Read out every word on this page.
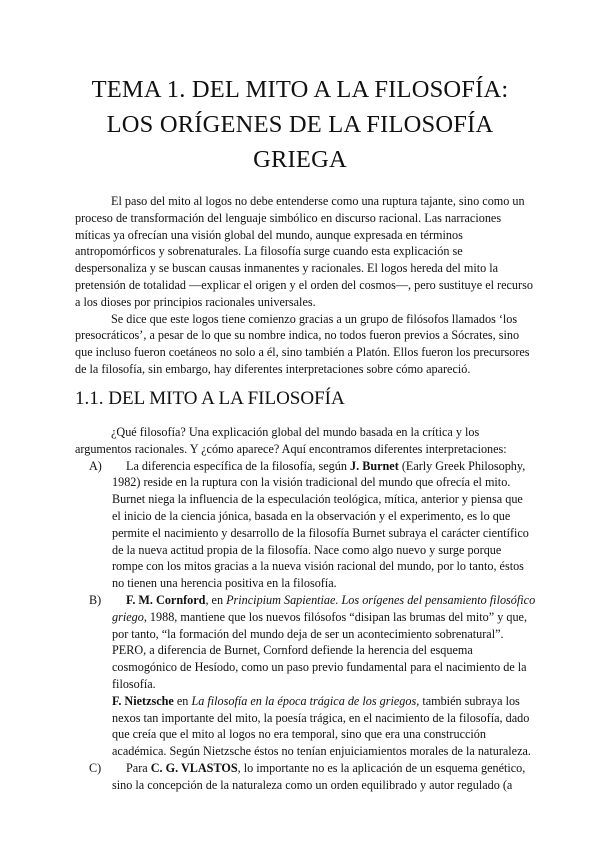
TEMA 1. DEL MITO A LA FILOSOFÍA:
LOS ORÍGENES DE LA FILOSOFÍA
GRIEGA
El paso del mito al logos no debe entenderse como una ruptura tajante, sino como un
proceso de transformación del lenguaje simbólico en discurso racional. Las narraciones
míticas ya ofrecían una visión global del mundo, aunque expresada en términos
antropomórficos y sobrenaturales. La filosofía surge cuando esta explicación se
despersonaliza y se buscan causas inmanentes y racionales. El logos hereda del mito la
pretensión de totalidad —explicar el origen y el orden del cosmos—, pero sustituye el recurso
a los dioses por principios racionales universales.
Se dice que este logos tiene comienzo gracias a un grupo de filósofos llamados ‘los
presocráticos’, a pesar de lo que su nombre indica, no todos fueron previos a Sócrates, sino
que incluso fueron coetáneos no solo a él, sino también a Platón. Ellos fueron los precursores
de la filosofía, sin embargo, hay diferentes interpretaciones sobre cómo apareció.
1.1. DEL MITO A LA FILOSOFÍA
¿Qué filosofía? Una explicación global del mundo basada en la crítica y los
argumentos racionales. Y ¿cómo aparece? Aquí encontramos diferentes interpretaciones:
A) La diferencia específica de la filosofía, según J. Burnet (Early Greek Philosophy,
1982) reside en la ruptura con la visión tradicional del mundo que ofrecía el mito.
Burnet niega la influencia de la especulación teológica, mítica, anterior y piensa que
el inicio de la ciencia jónica, basada en la observación y el experimento, es lo que
permite el nacimiento y desarrollo de la filosofía Burnet subraya el carácter científico
de la nueva actitud propia de la filosofía. Nace como algo nuevo y surge porque
rompe con los mitos gracias a la nueva visión racional del mundo, por lo tanto, éstos
no tienen una herencia positiva en la filosofía.
B) F. M. Cornford, en Principium Sapientiae. Los orígenes del pensamiento filosófico
griego, 1988, mantiene que los nuevos filósofos “disipan las brumas del mito” y que,
por tanto, “la formación del mundo deja de ser un acontecimiento sobrenatural”.
PERO, a diferencia de Burnet, Cornford defiende la herencia del esquema
cosmogónico de Hesíodo, como un paso previo fundamental para el nacimiento de la
filosofía.
F. Nietzsche en La filosofía en la época trágica de los griegos, también subraya los
nexos tan importante del mito, la poesía trágica, en el nacimiento de la filosofía, dado
que creía que el mito al logos no era temporal, sino que era una construcción
académica. Según Nietzsche éstos no tenían enjuiciamientos morales de la naturaleza.
C) Para C. G. VLASTOS, lo importante no es la aplicación de un esquema genético,
sino la concepción de la naturaleza como un orden equilibrado y autor regulado (a
